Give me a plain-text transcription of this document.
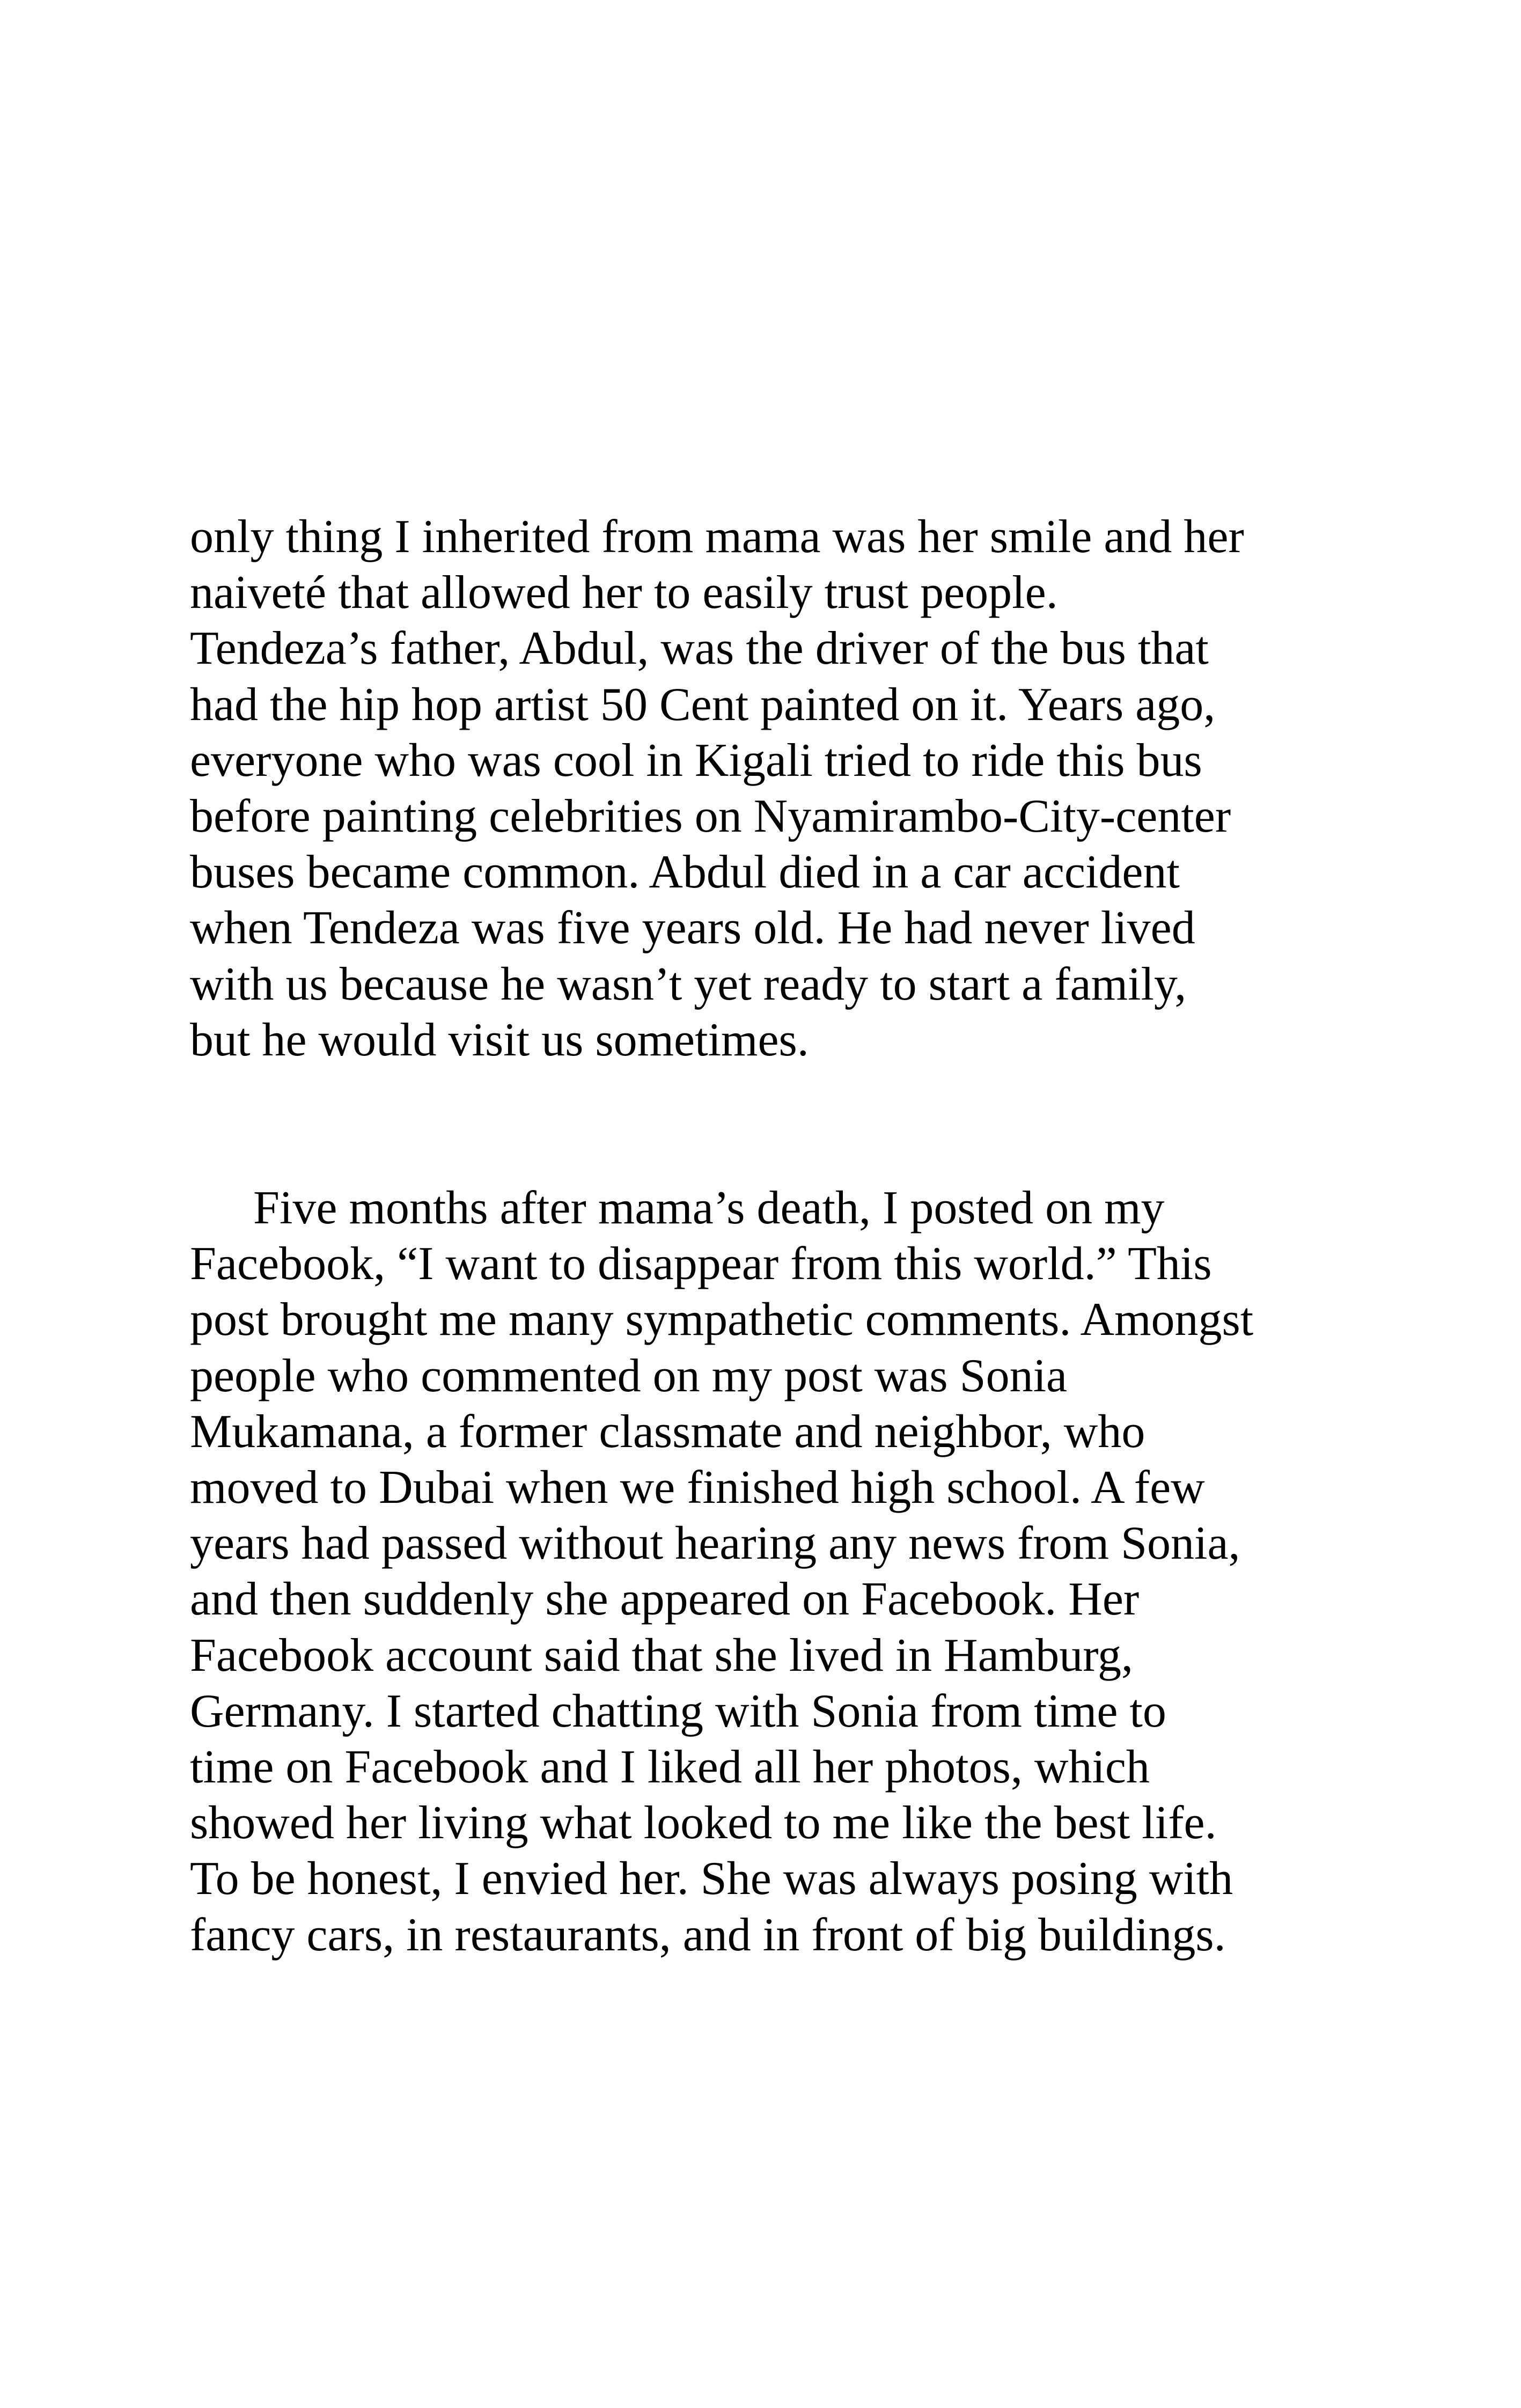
only thing I inherited from mama was her smile and her
naiveté that allowed her to easily trust people.
Tendeza’s father, Abdul, was the driver of the bus that
had the hip hop artist 50 Cent painted on it. Years ago,
everyone who was cool in Kigali tried to ride this bus
before painting celebrities on Nyamirambo-City-center
buses became common. Abdul died in a car accident
when Tendeza was five years old. He had never lived
with us because he wasn’t yet ready to start a family,
but he would visit us sometimes.
Five months after mama’s death, I posted on my
Facebook, “I want to disappear from this world.” This
post brought me many sympathetic comments. Amongst
people who commented on my post was Sonia
Mukamana, a former classmate and neighbor, who
moved to Dubai when we finished high school. A few
years had passed without hearing any news from Sonia,
and then suddenly she appeared on Facebook. Her
Facebook account said that she lived in Hamburg,
Germany. I started chatting with Sonia from time to
time on Facebook and I liked all her photos, which
showed her living what looked to me like the best life.
To be honest, I envied her. She was always posing with
fancy cars, in restaurants, and in front of big buildings.
